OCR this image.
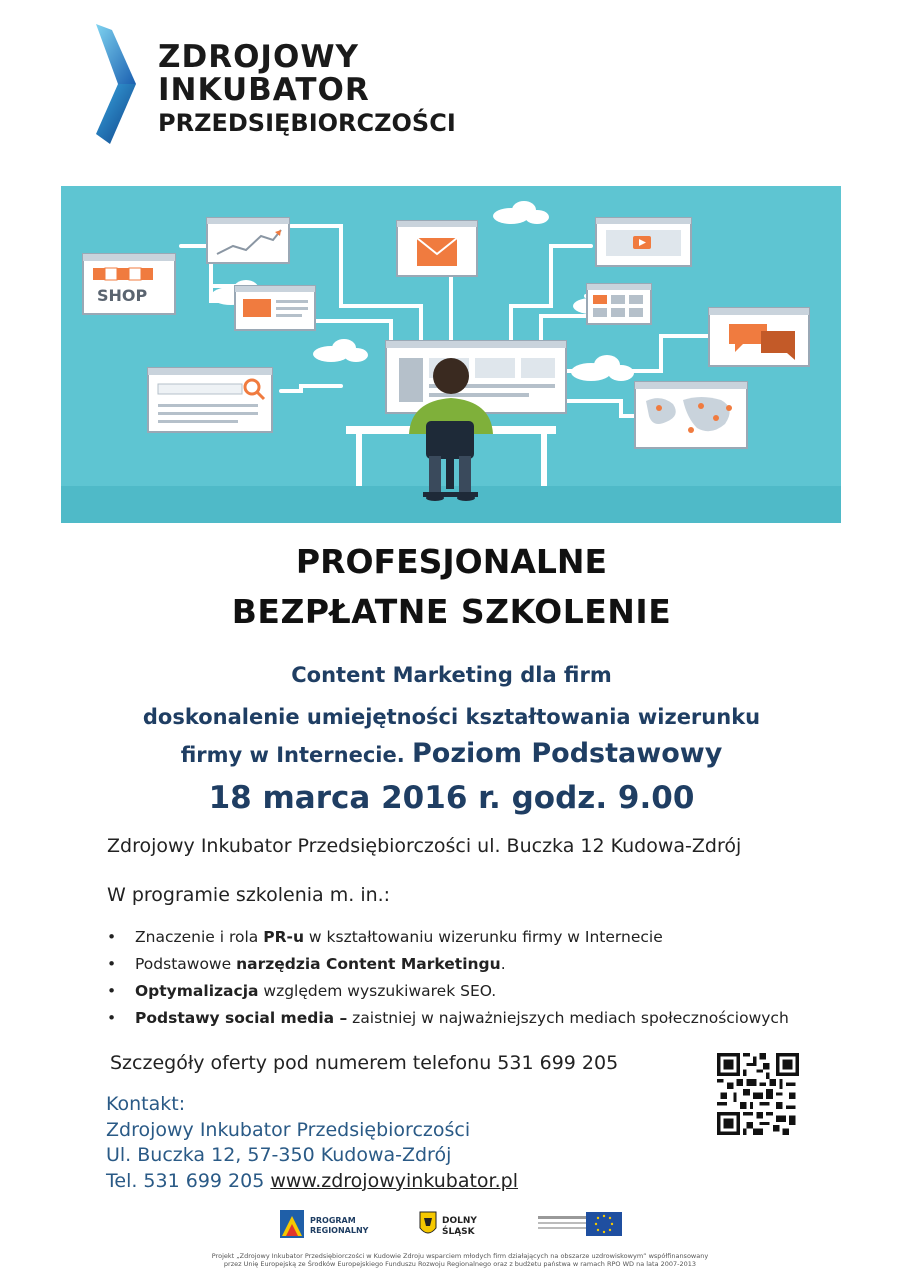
ZDROJOWY
INKUBATOR
PRZEDSIĘBIORCZOŚCI
SHOP
PROFESJONALNE
BEZPŁATNE SZKOLENIE
Content Marketing dla firm
doskonalenie umiejętności kształtowania wizerunku
firmy w Internecie. Poziom Podstawowy
18 marca 2016 r. godz. 9.00
Zdrojowy Inkubator Przedsiębiorczości ul. Buczka 12 Kudowa-Zdrój
W programie szkolenia m. in.:
• Znaczenie i rola PR-u w kształtowaniu wizerunku firmy w Internecie
• Podstawowe narzędzia Content Marketingu.
• Optymalizacja względem wyszukiwarek SEO.
• Podstawy social media – zaistniej w najważniejszych mediach społecznościowych
Szczegóły oferty pod numerem telefonu 531 699 205
Kontakt:
Zdrojowy Inkubator Przedsiębiorczości
Ul. Buczka 12, 57-350 Kudowa-Zdrój
Tel. 531 699 205 www.zdrojowyinkubator.pl
PROGRAM
REGIONALNY
DOLNY
ŚLĄSK
Projekt „Zdrojowy Inkubator Przedsiębiorczości w Kudowie Zdroju wsparciem młodych firm działających na obszarze uzdrowiskowym” współfinansowany
przez Unię Europejską ze Środków Europejskiego Funduszu Rozwoju Regionalnego oraz z budżetu państwa w ramach RPO WD na lata 2007-2013
